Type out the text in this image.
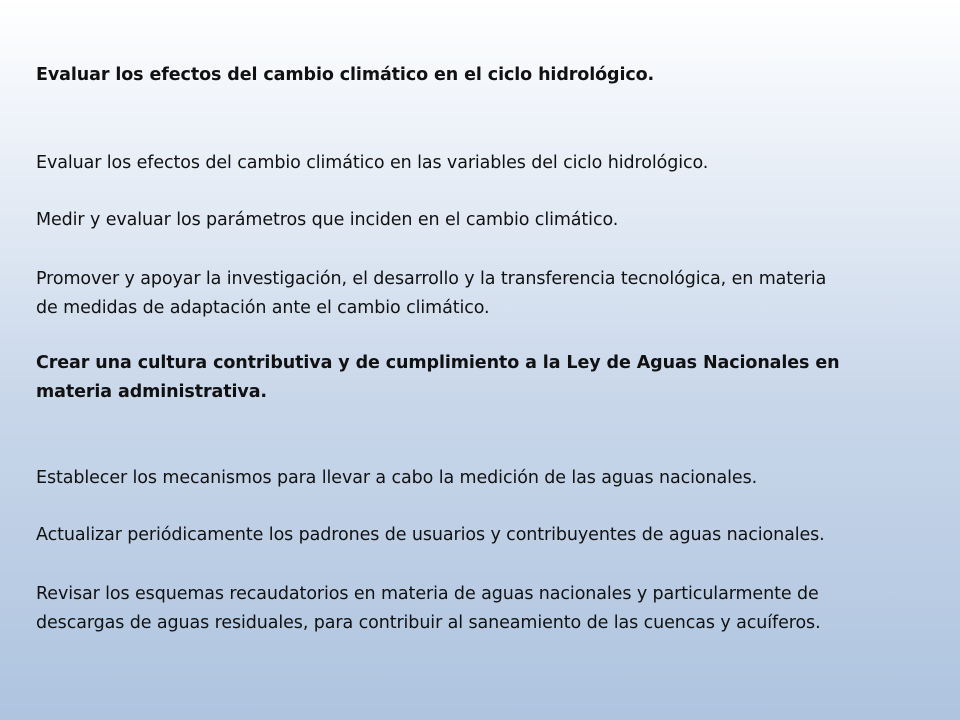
Evaluar los efectos del cambio climático en el ciclo hidrológico.

Evaluar los efectos del cambio climático en las variables del ciclo hidrológico.

Medir y evaluar los parámetros que inciden en el cambio climático.

Promover y apoyar la investigación, el desarrollo y la transferencia tecnológica, en materia
de medidas de adaptación ante el cambio climático.
Crear una cultura contributiva y de cumplimiento a la Ley de Aguas Nacionales en
materia administrativa.

Establecer los mecanismos para llevar a cabo la medición de las aguas nacionales.

Actualizar periódicamente los padrones de usuarios y contribuyentes de aguas nacionales.

Revisar los esquemas recaudatorios en materia de aguas nacionales y particularmente de
descargas de aguas residuales, para contribuir al saneamiento de las cuencas y acuíferos.
